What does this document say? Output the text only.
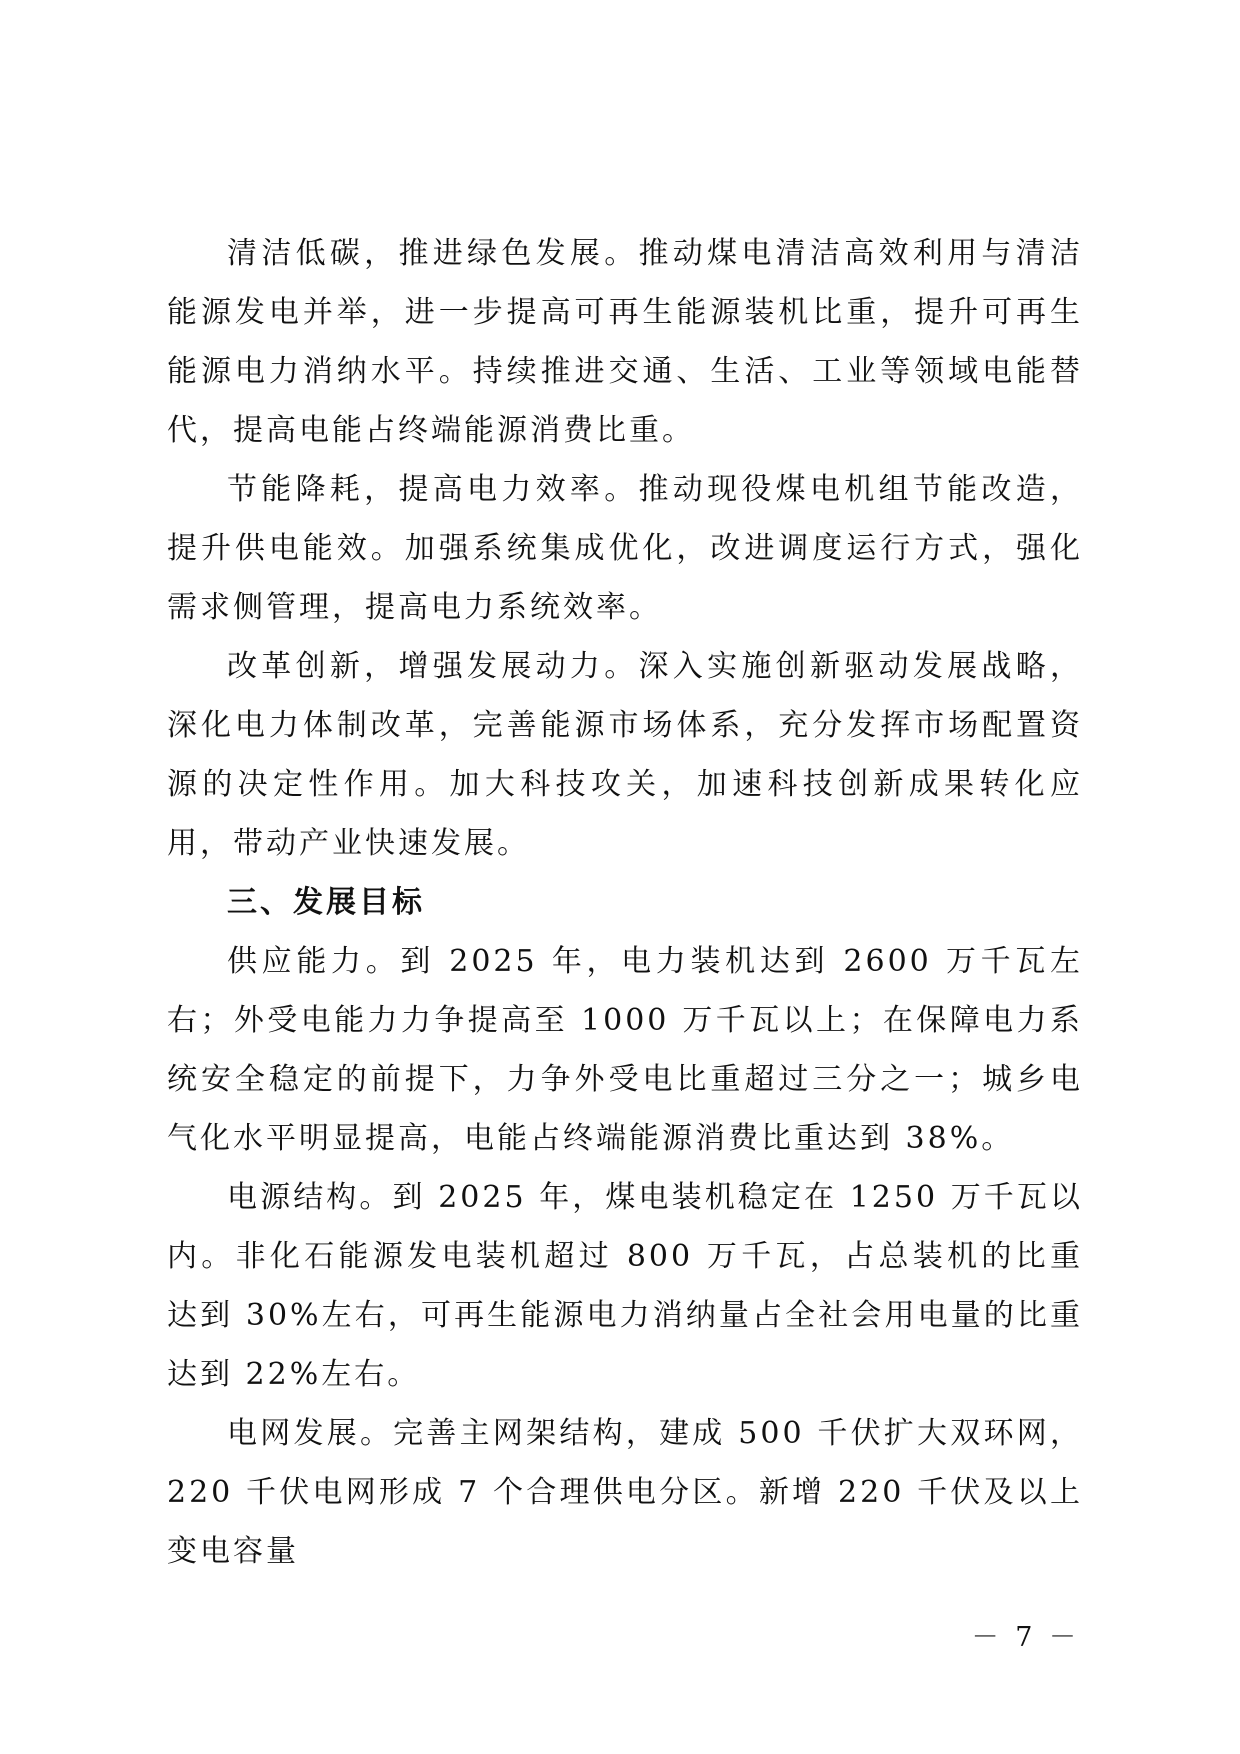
清洁低碳，推进绿色发展。推动煤电清洁高效利用与清洁能源发电并举，进一步提高可再生能源装机比重，提升可再生能源电力消纳水平。持续推进交通、生活、工业等领域电能替代，提高电能占终端能源消费比重。

节能降耗，提高电力效率。推动现役煤电机组节能改造，提升供电能效。加强系统集成优化，改进调度运行方式，强化需求侧管理，提高电力系统效率。

改革创新，增强发展动力。深入实施创新驱动发展战略，深化电力体制改革，完善能源市场体系，充分发挥市场配置资源的决定性作用。加大科技攻关，加速科技创新成果转化应用，带动产业快速发展。

三、发展目标

供应能力。到 2025 年，电力装机达到 2600 万千瓦左右；外受电能力力争提高至 1000 万千瓦以上；在保障电力系统安全稳定的前提下，力争外受电比重超过三分之一；城乡电气化水平明显提高，电能占终端能源消费比重达到 38%。

电源结构。到 2025 年，煤电装机稳定在 1250 万千瓦以内。非化石能源发电装机超过 800 万千瓦，占总装机的比重达到 30%左右，可再生能源电力消纳量占全社会用电量的比重达到 22%左右。

电网发展。完善主网架结构，建成 500 千伏扩大双环网，220 千伏电网形成 7 个合理供电分区。新增 220 千伏及以上变电容量

－ 7 －
